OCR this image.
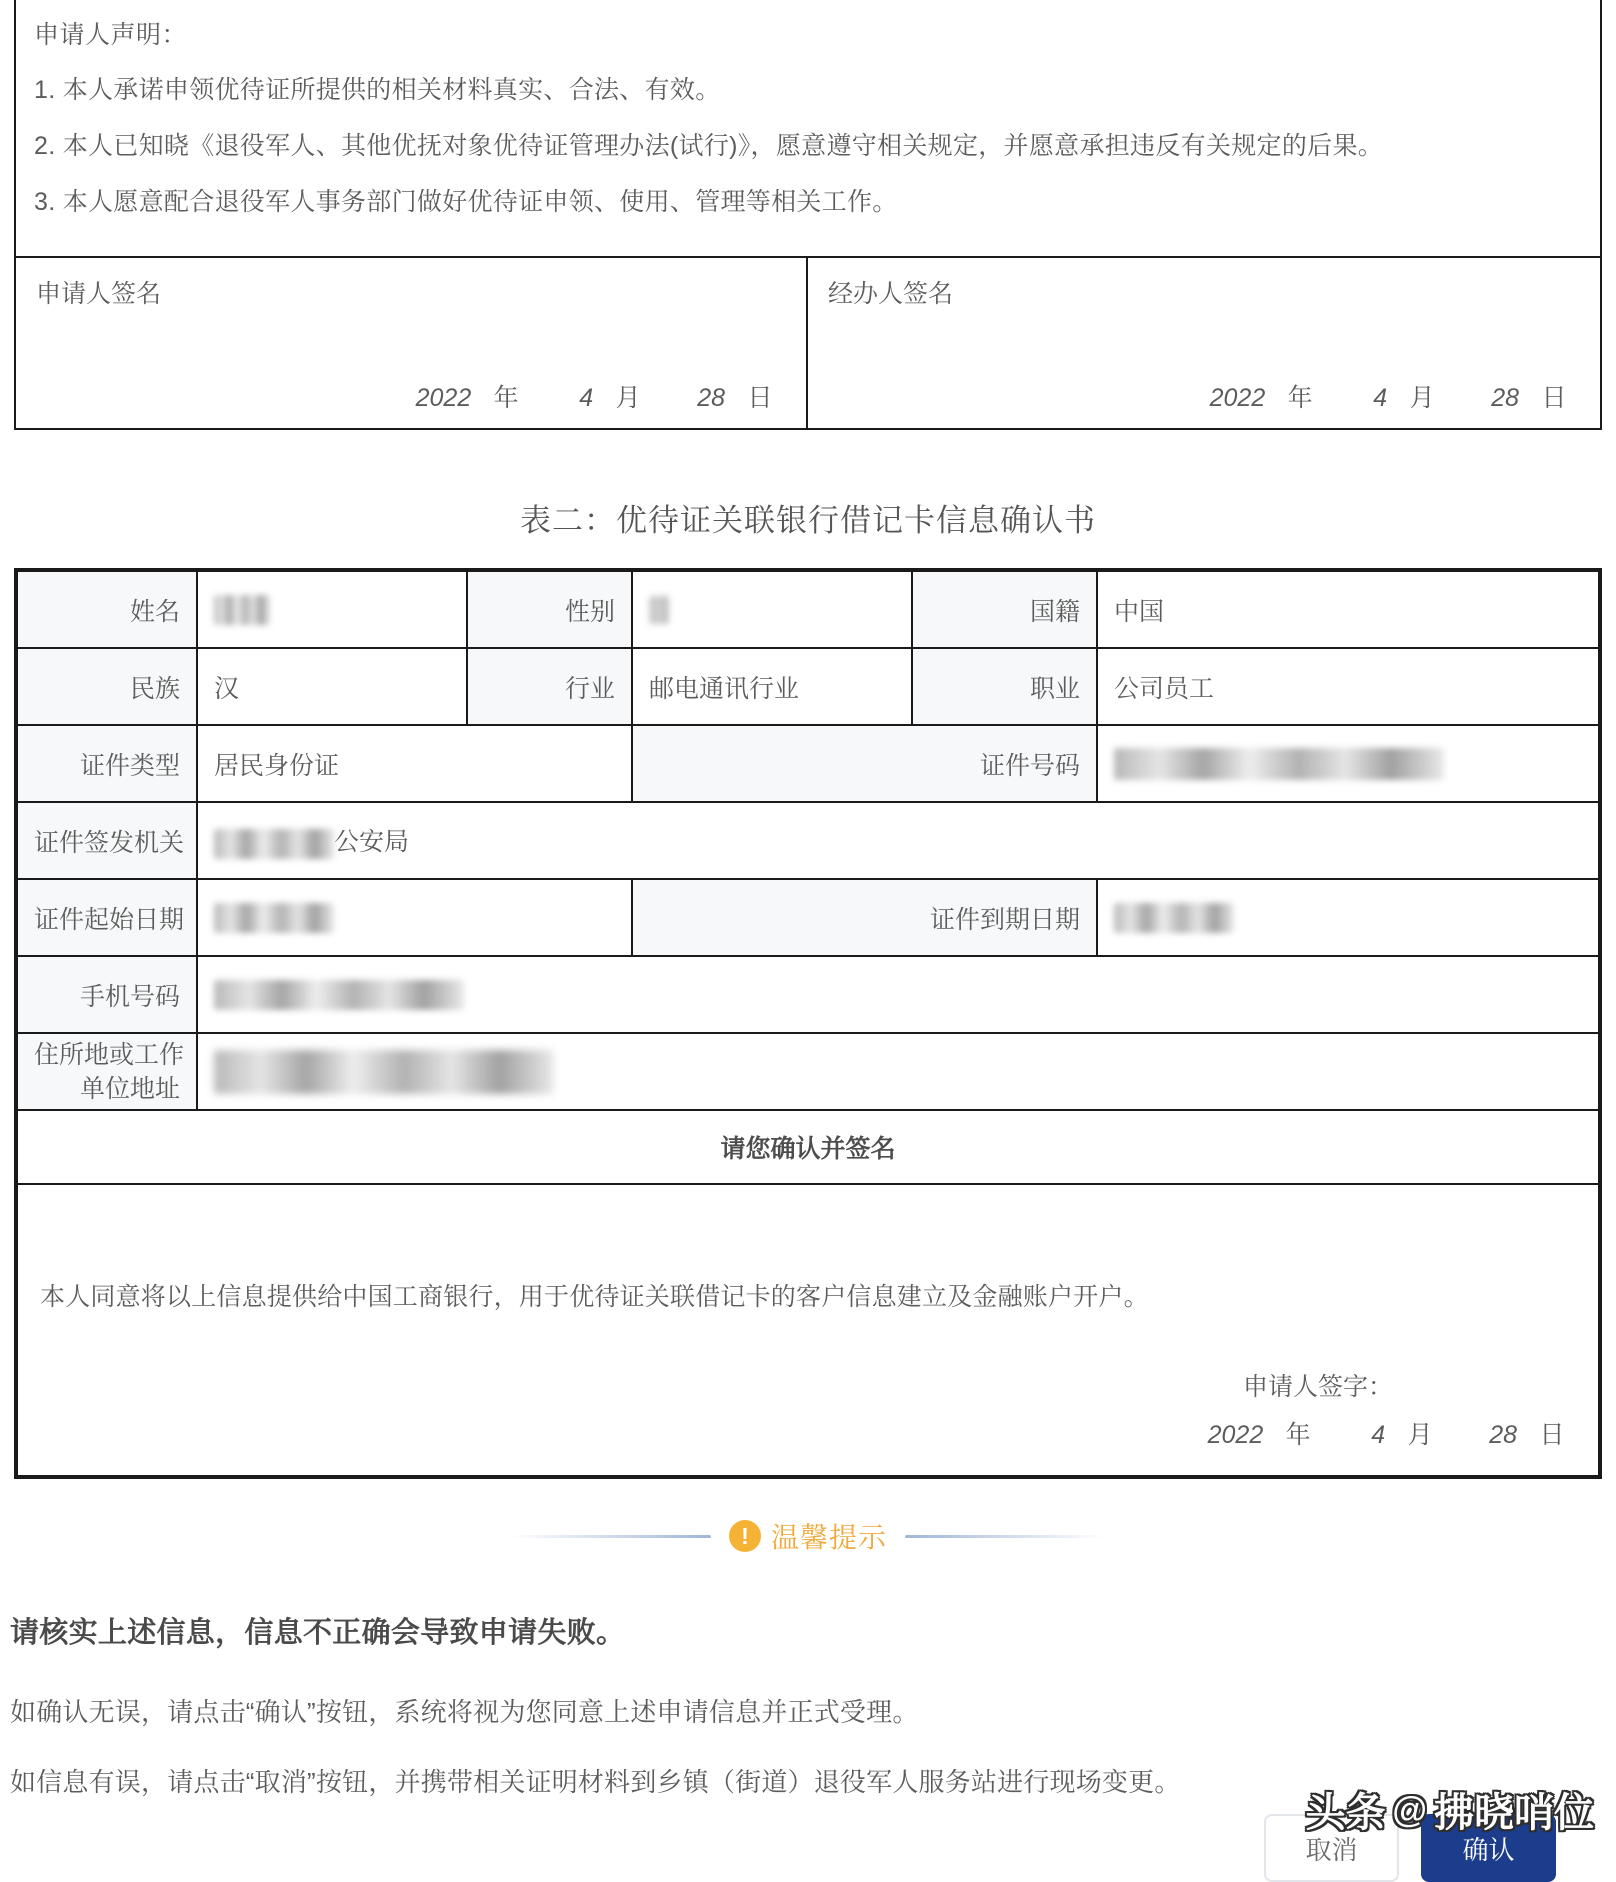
申请人声明：
1. 本人承诺申领优待证所提供的相关材料真实、合法、有效。
2. 本人已知晓《退役军人、其他优抚对象优待证管理办法(试行)》，愿意遵守相关规定，并愿意承担违反有关规定的后果。
3. 本人愿意配合退役军人事务部门做好优待证申领、使用、管理等相关工作。
申请人签名
2022 年 4 月 28 日
经办人签名
2022 年 4 月 28 日
表二：优待证关联银行借记卡信息确认书
姓名		性别		国籍	中国
民族	汉	行业	邮电通讯行业	职业	公司员工
证件类型	居民身份证		证件号码		
证件签发机关	公安局				
证件起始日期			证件到期日期		
手机号码					
住所地或工作
单位地址					
请您确认并签名					

本人同意将以上信息提供给中国工商银行，用于优待证关联借记卡的客户信息建立及金融账户开户。
申请人签字：
2022 年 4 月 28 日					
! 温馨提示
请核实上述信息，信息不正确会导致申请失败。
如确认无误，请点击“确认”按钮，系统将视为您同意上述申请信息并正式受理。
如信息有误，请点击“取消”按钮，并携带相关证明材料到乡镇（街道）退役军人服务站进行现场变更。
取消	确认
头条 @ 拂晓哨位
